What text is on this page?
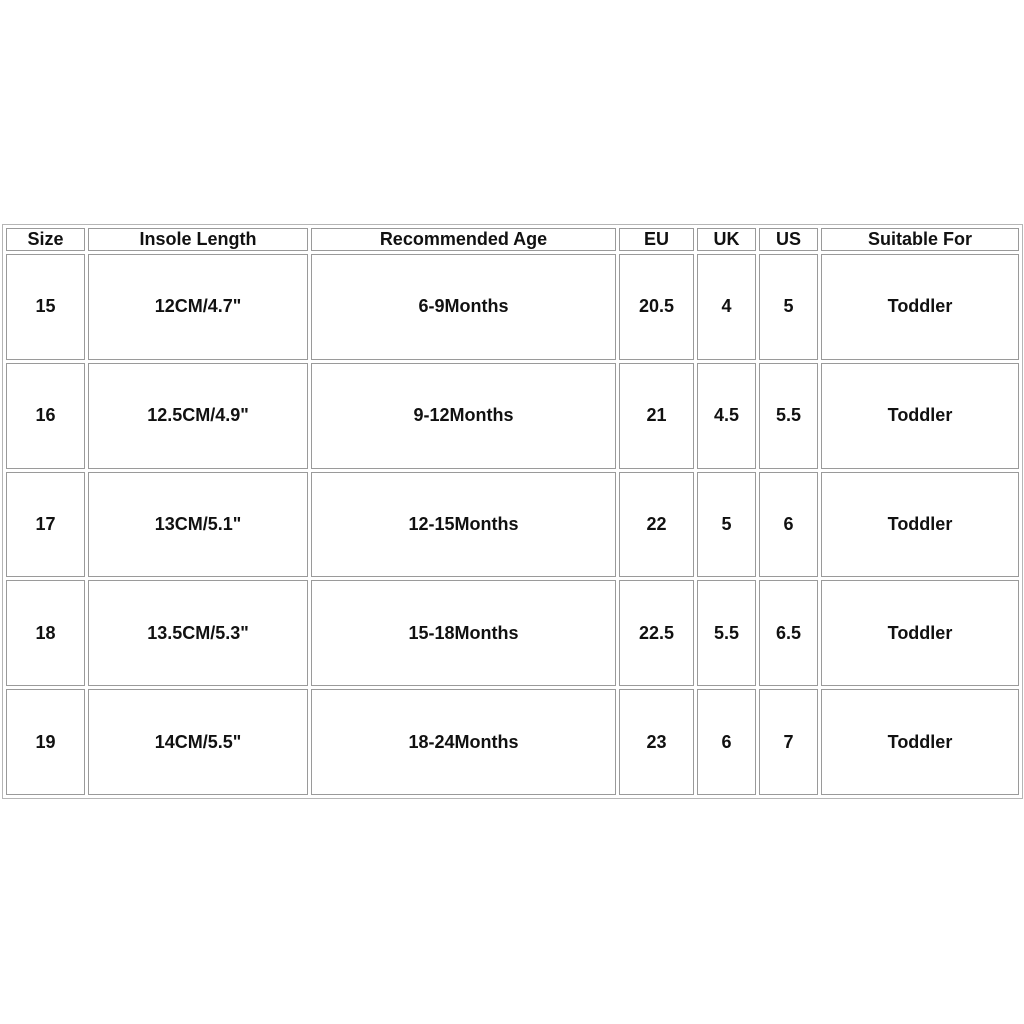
Size	Insole Length	Recommended Age	EU	UK	US	Suitable For
15	12CM/4.7"	6-9Months	20.5	4	5	Toddler
16	12.5CM/4.9"	9-12Months	21	4.5	5.5	Toddler
17	13CM/5.1"	12-15Months	22	5	6	Toddler
18	13.5CM/5.3"	15-18Months	22.5	5.5	6.5	Toddler
19	14CM/5.5"	18-24Months	23	6	7	Toddler
